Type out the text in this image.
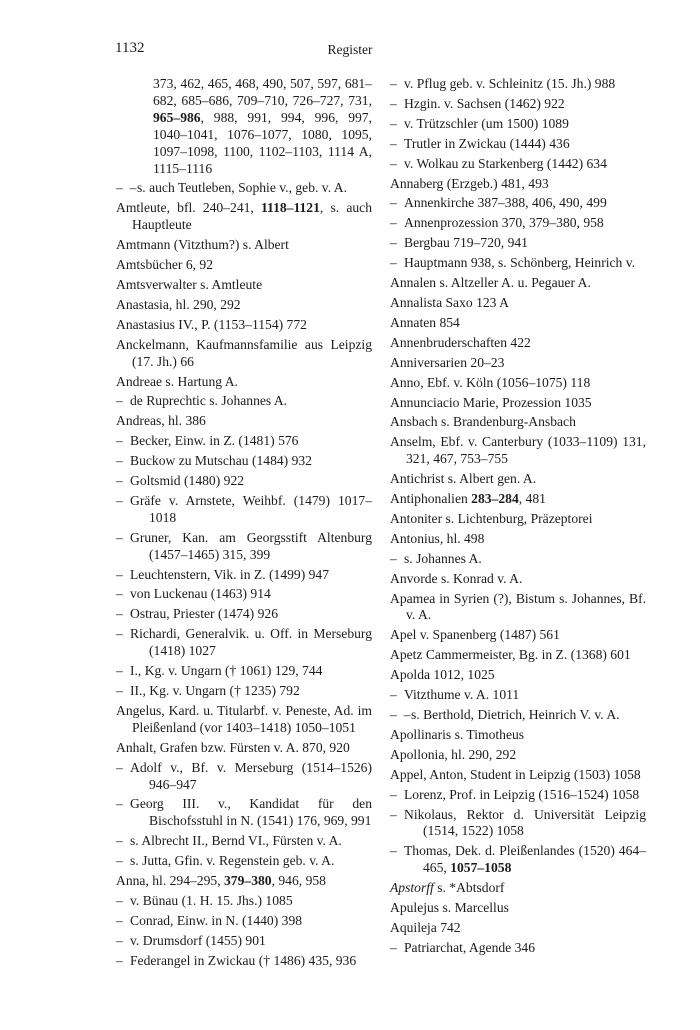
1132	Register
373, 462, 465, 468, 490, 507, 597, 681–682, 685–686, 709–710, 726–727, 731, 965–986, 988, 991, 994, 996, 997, 1040–1041, 1076–1077, 1080, 1095, 1097–1098, 1100, 1102–1103, 1114 A, 1115–1116
– – s. auch Teutleben, Sophie v., geb. v. A.
Amtleute, bfl. 240–241, 1118–1121, s. auch Hauptleute
Amtmann (Vitzthum?) s. Albert
Amtsbücher 6, 92
Amtsverwalter s. Amtleute
Anastasia, hl. 290, 292
Anastasius IV., P. (1153–1154) 772
Anckelmann, Kaufmannsfamilie aus Leipzig (17. Jh.) 66
Andreae s. Hartung A.
– de Ruprechtic s. Johannes A.
Andreas, hl. 386
– Becker, Einw. in Z. (1481) 576
– Buckow zu Mutschau (1484) 932
– Goltsmid (1480) 922
– Gräfe v. Arnstete, Weihbf. (1479) 1017–1018
– Gruner, Kan. am Georgsstift Altenburg (1457–1465) 315, 399
– Leuchtenstern, Vik. in Z. (1499) 947
– von Luckenau (1463) 914
– Ostrau, Priester (1474) 926
– Richardi, Generalvik. u. Off. in Merseburg (1418) 1027
– I., Kg. v. Ungarn († 1061) 129, 744
– II., Kg. v. Ungarn († 1235) 792
Angelus, Kard. u. Titularbf. v. Peneste, Ad. im Pleißenland (vor 1403–1418) 1050–1051
Anhalt, Grafen bzw. Fürsten v. A. 870, 920
– Adolf v., Bf. v. Merseburg (1514–1526) 946–947
– Georg III. v., Kandidat für den Bischofsstuhl in N. (1541) 176, 969, 991
– s. Albrecht II., Bernd VI., Fürsten v. A.
– s. Jutta, Gfin. v. Regenstein geb. v. A.
Anna, hl. 294–295, 379–380, 946, 958
– v. Bünau (1. H. 15. Jhs.) 1085
– Conrad, Einw. in N. (1440) 398
– v. Drumsdorf (1455) 901
– Federangel in Zwickau († 1486) 435, 936
– v. Pflug geb. v. Schleinitz (15. Jh.) 988
– Hzgin. v. Sachsen (1462) 922
– v. Trützschler (um 1500) 1089
– Trutler in Zwickau (1444) 436
– v. Wolkau zu Starkenberg (1442) 634
Annaberg (Erzgeb.) 481, 493
– Annenkirche 387–388, 406, 490, 499
– Annenprozession 370, 379–380, 958
– Bergbau 719–720, 941
– Hauptmann 938, s. Schönberg, Heinrich v.
Annalen s. Altzeller A. u. Pegauer A.
Annalista Saxo 123 A
Annaten 854
Annenbruderschaften 422
Anniversarien 20–23
Anno, Ebf. v. Köln (1056–1075) 118
Annunciacio Marie, Prozession 1035
Ansbach s. Brandenburg-Ansbach
Anselm, Ebf. v. Canterbury (1033–1109) 131, 321, 467, 753–755
Antichrist s. Albert gen. A.
Antiphonalien 283–284, 481
Antoniter s. Lichtenburg, Präzeptorei
Antonius, hl. 498
– s. Johannes A.
Anvorde s. Konrad v. A.
Apamea in Syrien (?), Bistum s. Johannes, Bf. v. A.
Apel v. Spanenberg (1487) 561
Apetz Cammermeister, Bg. in Z. (1368) 601
Apolda 1012, 1025
– Vitzthume v. A. 1011
– – s. Berthold, Dietrich, Heinrich V. v. A.
Apollinaris s. Timotheus
Apollonia, hl. 290, 292
Appel, Anton, Student in Leipzig (1503) 1058
– Lorenz, Prof. in Leipzig (1516–1524) 1058
– Nikolaus, Rektor d. Universität Leipzig (1514, 1522) 1058
– Thomas, Dek. d. Pleißenlandes (1520) 464–465, 1057–1058
Apstorff s. *Abtsdorf
Apulejus s. Marcellus
Aquileja 742
– Patriarchat, Agende 346
